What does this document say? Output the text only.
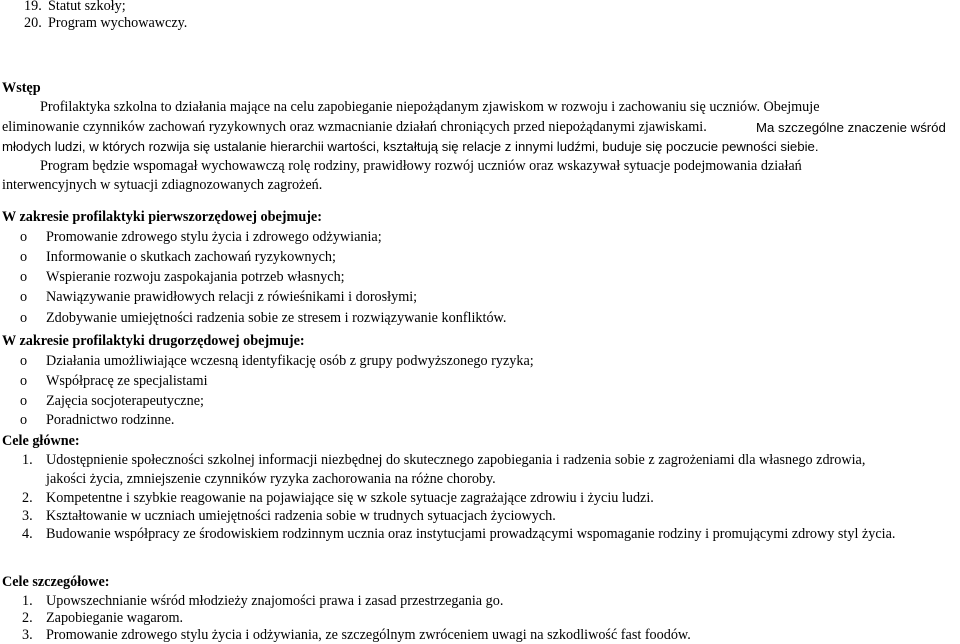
19. Statut szkoły;
20. Program wychowawczy.
Wstęp
Profilaktyka szkolna to działania mające na celu zapobieganie niepożądanym zjawiskom w rozwoju i zachowaniu się uczniów. Obejmuje
eliminowanie czynników zachowań ryzykownych oraz wzmacnianie działań chroniących przed niepożądanymi zjawiskami.	Ma szczególne znaczenie wśród
młodych ludzi, w których rozwija się ustalanie hierarchii wartości, kształtują się relacje z innymi ludźmi, buduje się poczucie pewności siebie.
Program będzie wspomagał wychowawczą rolę rodziny, prawidłowy rozwój uczniów oraz wskazywał sytuacje podejmowania działań
interwencyjnych w sytuacji zdiagnozowanych zagrożeń.
W zakresie profilaktyki pierwszorzędowej obejmuje:
o Promowanie zdrowego stylu życia i zdrowego odżywiania;
o Informowanie o skutkach zachowań ryzykownych;
o Wspieranie rozwoju zaspokajania potrzeb własnych;
o Nawiązywanie prawidłowych relacji z rówieśnikami i dorosłymi;
o Zdobywanie umiejętności radzenia sobie ze stresem i rozwiązywanie konfliktów.
W zakresie profilaktyki drugorzędowej obejmuje:
o Działania umożliwiające wczesną identyfikację osób z grupy podwyższonego ryzyka;
o Współpracę ze specjalistami
o Zajęcia socjoterapeutyczne;
o Poradnictwo rodzinne.
Cele główne:
1. Udostępnienie społeczności szkolnej informacji niezbędnej do skutecznego zapobiegania i radzenia sobie z zagrożeniami dla własnego zdrowia,
jakości życia, zmniejszenie czynników ryzyka zachorowania na różne choroby.
2. Kompetentne i szybkie reagowanie na pojawiające się w szkole sytuacje zagrażające zdrowiu i życiu ludzi.
3. Kształtowanie w uczniach umiejętności radzenia sobie w trudnych sytuacjach życiowych.
4. Budowanie współpracy ze środowiskiem rodzinnym ucznia oraz instytucjami prowadzącymi wspomaganie rodziny i promującymi zdrowy styl życia.
Cele szczegółowe:
1. Upowszechnianie wśród młodzieży znajomości prawa i zasad przestrzegania go.
2. Zapobieganie wagarom.
3. Promowanie zdrowego stylu życia i odżywiania, ze szczególnym zwróceniem uwagi na szkodliwość fast foodów.
